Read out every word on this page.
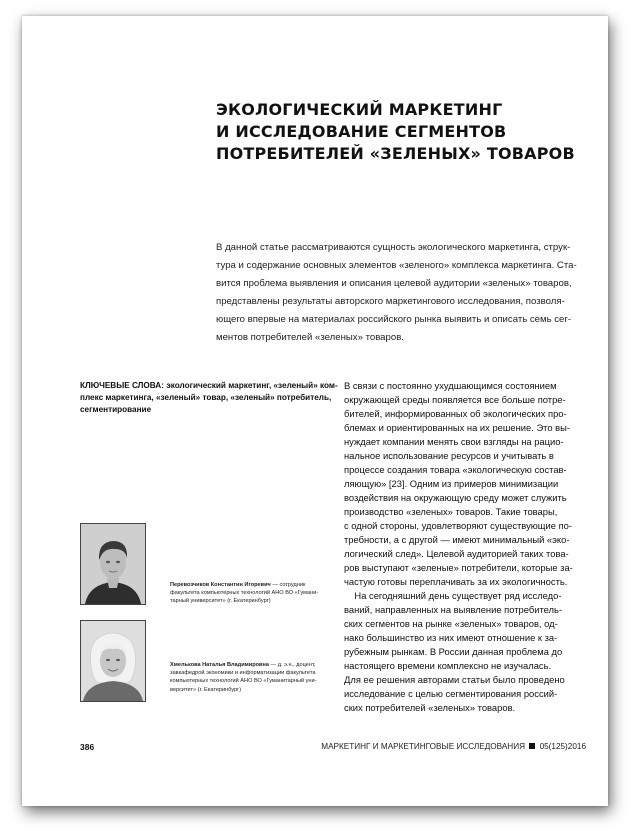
ЭКОЛОГИЧЕСКИЙ МАРКЕТИНГ
И ИССЛЕДОВАНИЕ СЕГМЕНТОВ
ПОТРЕБИТЕЛЕЙ «ЗЕЛЕНЫХ» ТОВАРОВ
В данной статье рассматриваются сущность экологического маркетинга, струк-
тура и содержание основных элементов «зеленого» комплекса маркетинга. Ста-
вится проблема выявления и описания целевой аудитории «зеленых» товаров,
представлены результаты авторского маркетингового исследования, позволя-
ющего впервые на материалах российского рынка выявить и описать семь сег-
ментов потребителей «зеленых» товаров.
КЛЮЧЕВЫЕ СЛОВА: экологический маркетинг, «зеленый» ком-
плекс маркетинга, «зеленый» товар, «зеленый» потребитель,
сегментирование
В связи с постоянно ухудшающимся состоянием
окружающей среды появляется все больше потре-
бителей, информированных об экологических про-
блемах и ориентированных на их решение. Это вы-
нуждает компании менять свои взгляды на рацио-
нальное использование ресурсов и учитывать в
процессе создания товара «экологическую состав-
ляющую» [23]. Одним из примеров минимизации
воздействия на окружающую среду может служить
производство «зеленых» товаров. Такие товары,
с одной стороны, удовлетворяют существующие по-
требности, а с другой — имеют минимальный «эко-
логический след». Целевой аудиторией таких това-
ров выступают «зеленые» потребители, которые за-
частую готовы переплачивать за их экологичность.
На сегодняшний день существует ряд исследо-
ваний, направленных на выявление потребитель-
ских сегментов на рынке «зеленых» товаров, од-
нако большинство из них имеют отношение к за-
рубежным рынкам. В России данная проблема до
настоящего времени комплексно не изучалась.
Для ее решения авторами статьи было проведено
исследование с целью сегментирования россий-
ских потребителей «зеленых» товаров.
Перевозчиков Константин Игоревич — сотрудник
факультета компьютерных технологий АНО ВО «Гумани-
тарный университет» (г. Екатеринбург)
Хмелькова Наталья Владимировна — д. э.н., доцент,
завкафедрой экономики и информатизации факультета
компьютерных технологий АНО ВО «Гуманитарный уни-
верситет» (г. Екатеринбург)
386	МАРКЕТИНГ И МАРКЕТИНГОВЫЕ ИССЛЕДОВАНИЯ 05(125)2016
